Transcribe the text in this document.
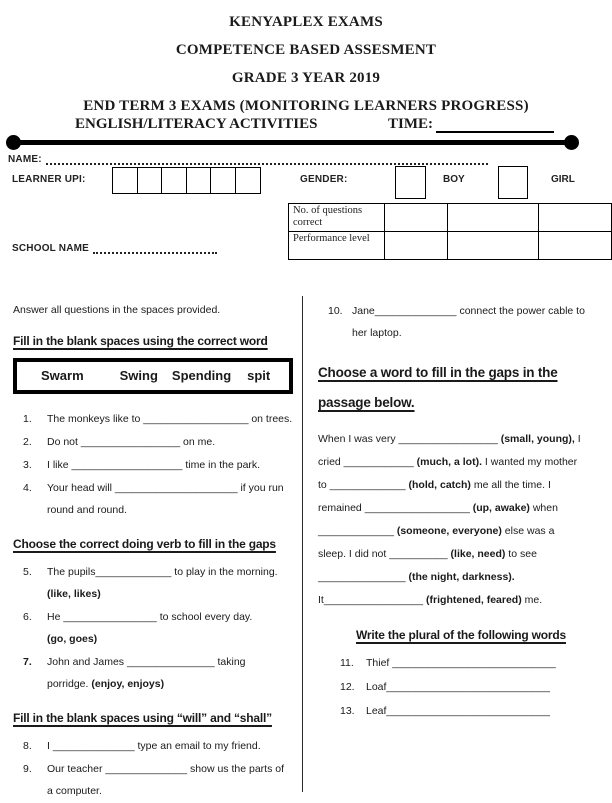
KENYAPLEX EXAMS
COMPETENCE BASED ASSESMENT
GRADE 3 YEAR 2019
END TERM 3 EXAMS (MONITORING LEARNERS PROGRESS)
ENGLISH/LITERACY ACTIVITIES	TIME:
NAME:
LEARNER UPI:	GENDER:	BOY	GIRL
SCHOOL NAME
No. of questions correct			
Performance level			
Answer all questions in the spaces provided.
Fill in the blank spaces using the correct word
Swarm	Swing Spending spit
1.	The monkeys like to __________________ on trees.
2.	Do not _________________ on me.
3.	I like ___________________ time in the park.
4.	Your head will _____________________ if you run
round and round.
Choose the correct doing verb to fill in the gaps
5.	The pupils_____________ to play in the morning.
(like, likes)
6.	He ________________ to school every day.
(go, goes)
7.	John and James _______________ taking
porridge. (enjoy, enjoys)
Fill in the blank spaces using “will” and “shall”
8.	I ______________ type an email to my friend.
9.	Our teacher ______________ show us the parts of
a computer.
10. Jane______________ connect the power cable to
her laptop.
Choose a word to fill in the gaps in the passage below.
When I was very _________________ (small, young), I
cried ____________ (much, a lot). I wanted my mother
to _____________ (hold, catch) me all the time. I
remained __________________ (up, awake) when
_____________ (someone, everyone) else was a
sleep. I did not __________ (like, need) to see
_______________ (the night, darkness).
It_________________ (frightened, feared) me.
Write the plural of the following words
11.	Thief ____________________________
12.	Loaf____________________________
13.	Leaf____________________________
